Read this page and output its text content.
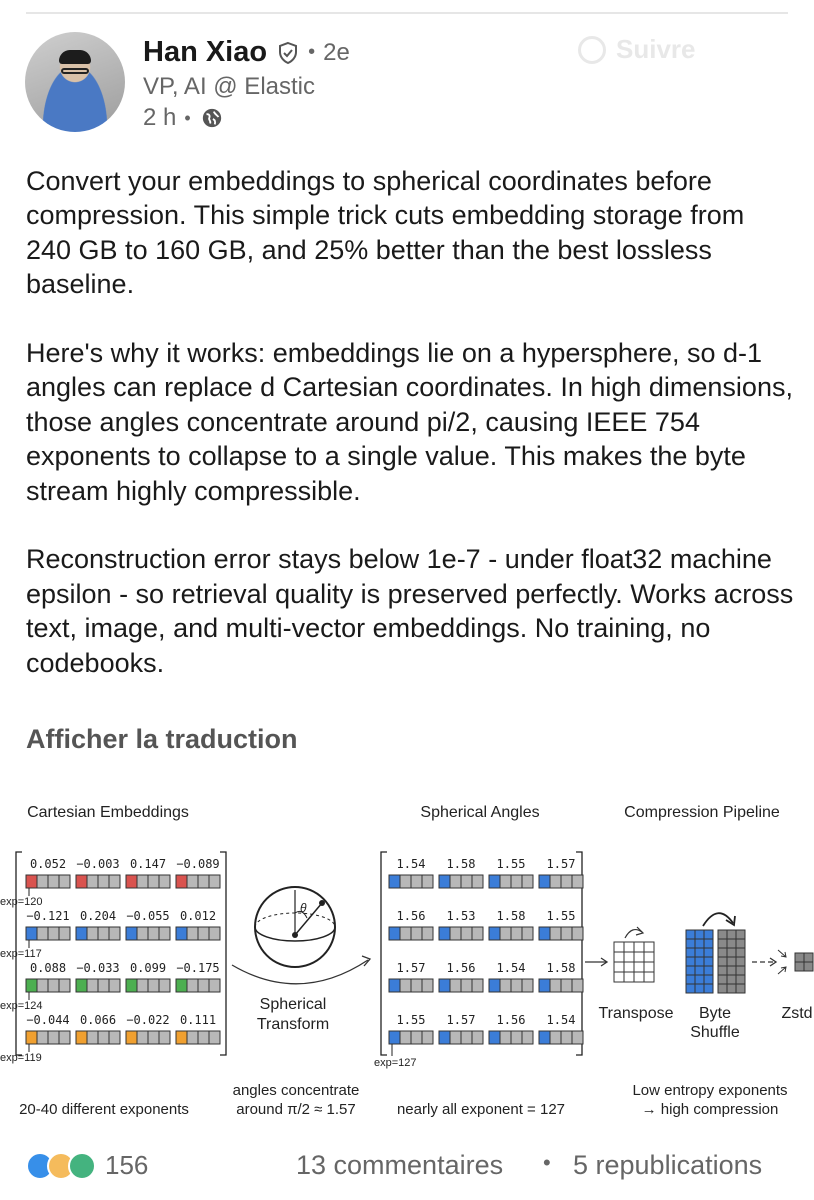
Han Xiao • 2e
VP, AI @ Elastic
2 h •
Suivre

Convert your embeddings to spherical coordinates before compression. This simple trick cuts embedding storage from 240 GB to 160 GB, and 25% better than the best lossless baseline.

Here's why it works: embeddings lie on a hypersphere, so d-1 angles can replace d Cartesian coordinates. In high dimensions, those angles concentrate around pi/2, causing IEEE 754 exponents to collapse to a single value. This makes the byte stream highly compressible.

Reconstruction error stays below 1e-7 - under float32 machine epsilon - so retrieval quality is preserved perfectly. Works across text, image, and multi-vector embeddings. No training, no codebooks.

Afficher la traduction
Cartesian Embeddings	Spherical Angles	Compression Pipeline
0.052 −0.003 0.147 −0.089
exp=120
−0.121 0.204 −0.055 0.012
exp=117
0.088 −0.033 0.099 −0.175
exp=124
−0.044 0.066 −0.022 0.111
exp=119
1.54 1.58 1.55 1.57
1.56 1.53 1.58 1.55
1.57 1.56 1.54 1.58
1.55 1.57 1.56 1.54
exp=127
θ
Spherical
Transform
Transpose Byte
Shuffle
Zstd
20-40 different exponents
angles concentrate
around π/2 ≈ 1.57	nearly all exponent = 127
Low entropy exponents
→ high compression
156	13 commentaires • 5 republications
